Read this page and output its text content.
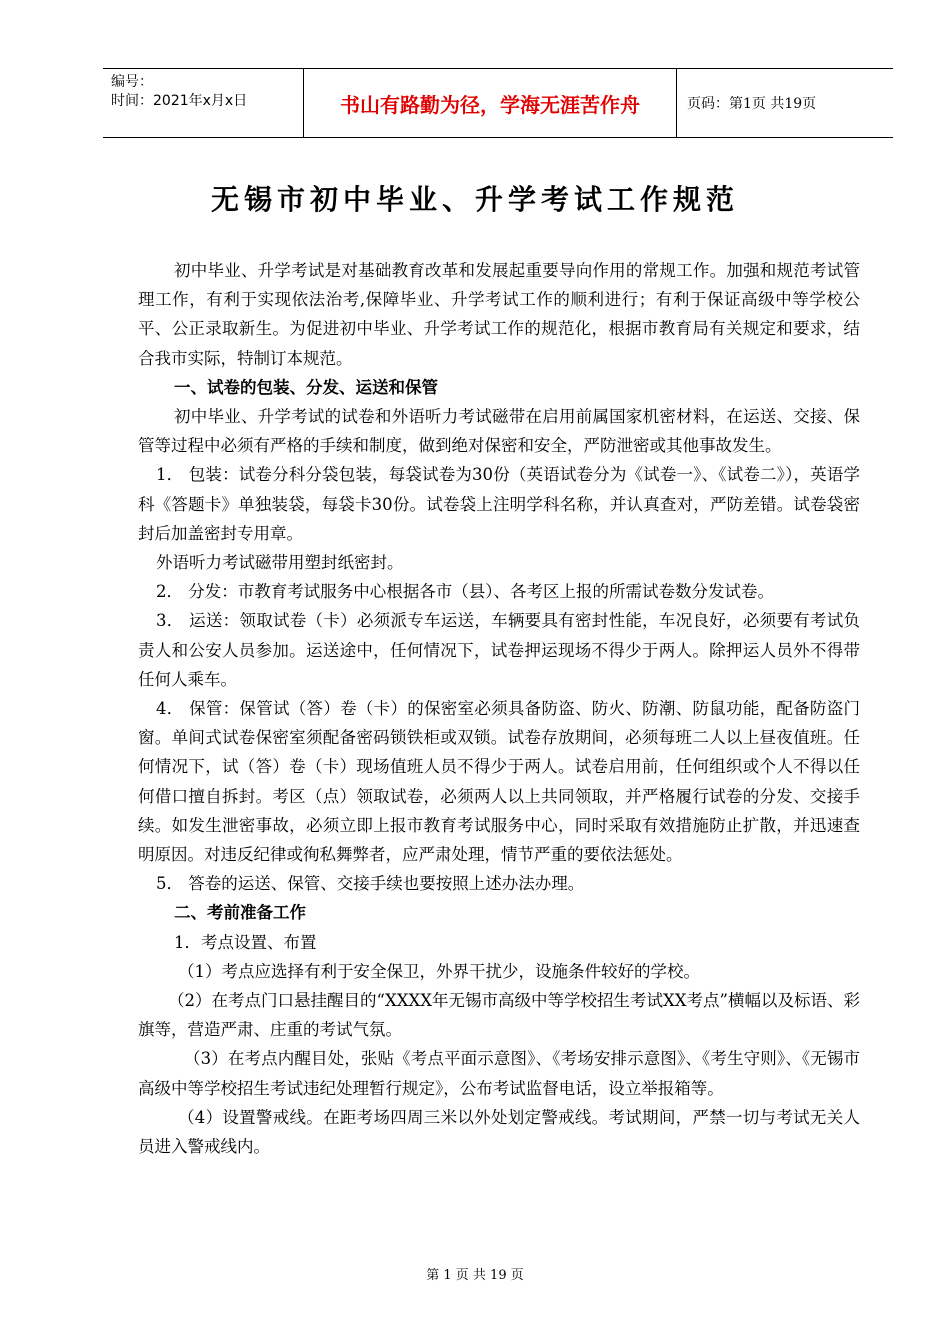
编号：
时间：2021年x月x日	书山有路勤为径，学海无涯苦作舟	页码：第1页 共19页
无锡市初中毕业、升学考试工作规范

初中毕业、升学考试是对基础教育改革和发展起重要导向作用的常规工作。加强和规范考试管理工作，有利于实现依法治考,保障毕业、升学考试工作的顺利进行；有利于保证高级中等学校公平、公正录取新生。为促进初中毕业、升学考试工作的规范化，根据市教育局有关规定和要求，结合我市实际，特制订本规范。

一、试卷的包装、分发、运送和保管

初中毕业、升学考试的试卷和外语听力考试磁带在启用前属国家机密材料，在运送、交接、保管等过程中必须有严格的手续和制度，做到绝对保密和安全，严防泄密或其他事故发生。

1． 包装：试卷分科分袋包装，每袋试卷为30份（英语试卷分为《试卷一》、《试卷二》），英语学科《答题卡》单独装袋，每袋卡30份。试卷袋上注明学科名称，并认真查对，严防差错。试卷袋密封后加盖密封专用章。

外语听力考试磁带用塑封纸密封。

2． 分发：市教育考试服务中心根据各市（县）、各考区上报的所需试卷数分发试卷。

3． 运送：领取试卷（卡）必须派专车运送，车辆要具有密封性能，车况良好，必须要有考试负责人和公安人员参加。运送途中，任何情况下，试卷押运现场不得少于两人。除押运人员外不得带任何人乘车。

4． 保管：保管试（答）卷（卡）的保密室必须具备防盗、防火、防潮、防鼠功能，配备防盗门窗。单间式试卷保密室须配备密码锁铁柜或双锁。试卷存放期间，必须每班二人以上昼夜值班。任何情况下，试（答）卷（卡）现场值班人员不得少于两人。试卷启用前，任何组织或个人不得以任何借口擅自拆封。考区（点）领取试卷，必须两人以上共同领取，并严格履行试卷的分发、交接手续。如发生泄密事故，必须立即上报市教育考试服务中心，同时采取有效措施防止扩散，并迅速查明原因。对违反纪律或徇私舞弊者，应严肃处理，情节严重的要依法惩处。

5． 答卷的运送、保管、交接手续也要按照上述办法办理。

二、考前准备工作

1．考点设置、布置

（1）考点应选择有利于安全保卫，外界干扰少，设施条件较好的学校。

（2）在考点门口悬挂醒目的“XXXX年无锡市高级中等学校招生考试XX考点”横幅以及标语、彩旗等，营造严肃、庄重的考试气氛。

（3）在考点内醒目处，张贴《考点平面示意图》、《考场安排示意图》、《考生守则》、《无锡市高级中等学校招生考试违纪处理暂行规定》，公布考试监督电话，设立举报箱等。

（4）设置警戒线。在距考场四周三米以外处划定警戒线。考试期间，严禁一切与考试无关人员进入警戒线内。

第 1 页 共 19 页
